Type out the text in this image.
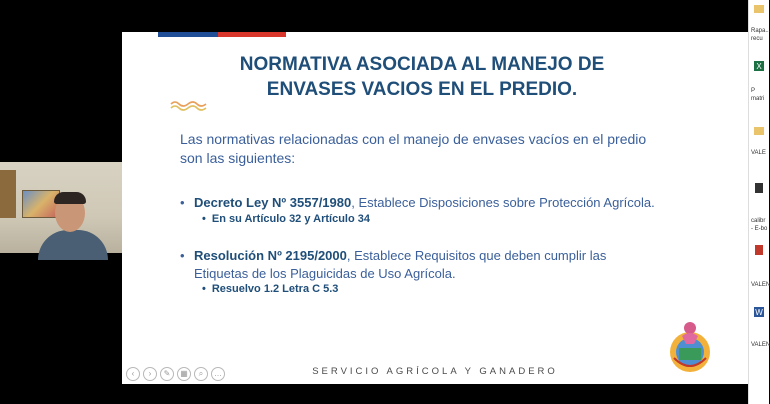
NORMATIVA ASOCIADA AL MANEJO DE
ENVASES VACIOS EN EL PREDIO.
Las normativas relacionadas con el manejo de envases vacíos en el predio
son las siguientes:
• Decreto Ley Nº 3557/1980, Establece Disposiciones sobre Protección Agrícola.
• En su Artículo 32 y Artículo 34
• Resolución Nº 2195/2000, Establece Requisitos que deben cumplir las
Etiquetas de los Plaguicidas de Uso Agrícola.
• Resuelvo 1.2 Letra C 5.3
‹	›	✎	▦	⌕	…	SERVICIO AGRÍCOLA Y GANADERO
Rapa...
recu
X
P
matri
VALE
calibr
- E-bo
VALEN
W
VALEN
